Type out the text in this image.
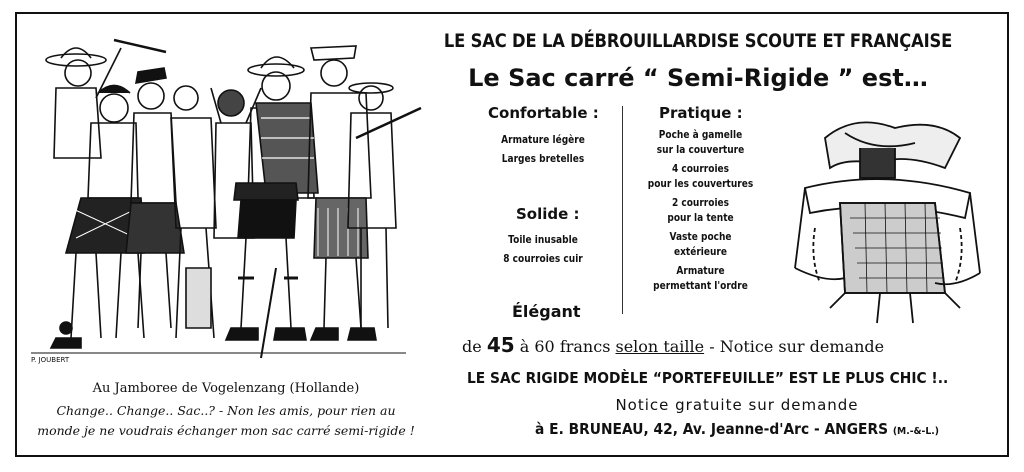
P. JOUBERT
Au Jamboree de Vogelenzang (Hollande)
Change.. Change.. Sac..? - Non les amis, pour rien au
monde je ne voudrais échanger mon sac carré semi-rigide !
LE SAC DE LA DÉBROUILLARDISE SCOUTE ET FRANÇAISE
Le Sac carré “ Semi-Rigide ” est…
Confortable :
Armature légère
Larges bretelles
Solide :
Toile inusable
8 courroies cuir
Élégant
Pratique :
Poche à gamelle
sur la couverture
4 courroies
pour les couvertures
2 courroies
pour la tente
Vaste poche
extérieure
Armature
permettant l'ordre
de 45 à 60 francs selon taille - Notice sur demande
LE SAC RIGIDE MODÈLE “PORTEFEUILLE” EST LE PLUS CHIC !..
Notice gratuite sur demande
à E. BRUNEAU, 42, Av. Jeanne-d'Arc - ANGERS (M.-&-L.)
